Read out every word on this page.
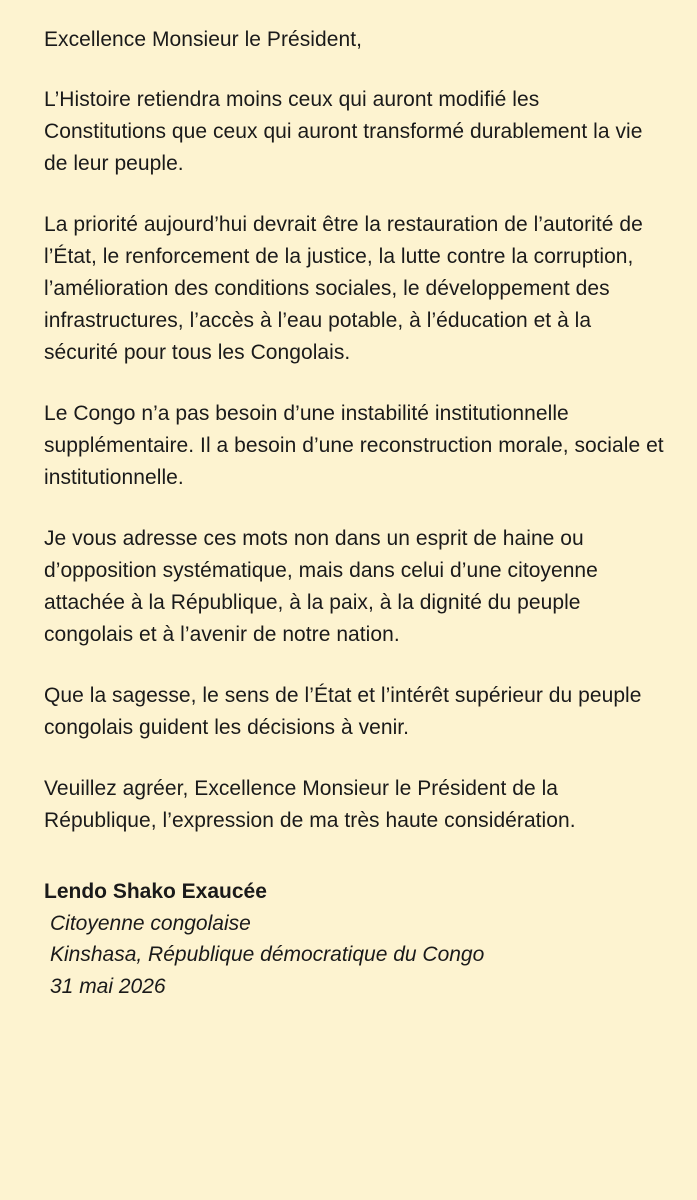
Excellence Monsieur le Président,

L’Histoire retiendra moins ceux qui auront modifié les Constitutions que ceux qui auront transformé durablement la vie de leur peuple.

La priorité aujourd’hui devrait être la restauration de l’autorité de l’État, le renforcement de la justice, la lutte contre la corruption, l’amélioration des conditions sociales, le développement des infrastructures, l’accès à l’eau potable, à l’éducation et à la sécurité pour tous les Congolais.

Le Congo n’a pas besoin d’une instabilité institutionnelle supplémentaire. Il a besoin d’une reconstruction morale, sociale et institutionnelle.

Je vous adresse ces mots non dans un esprit de haine ou d’opposition systématique, mais dans celui d’une citoyenne attachée à la République, à la paix, à la dignité du peuple congolais et à l’avenir de notre nation.

Que la sagesse, le sens de l’État et l’intérêt supérieur du peuple congolais guident les décisions à venir.

Veuillez agréer, Excellence Monsieur le Président de la République, l’expression de ma très haute considération.

Lendo Shako Exaucée
Citoyenne congolaise
Kinshasa, République démocratique du Congo
31 mai 2026
